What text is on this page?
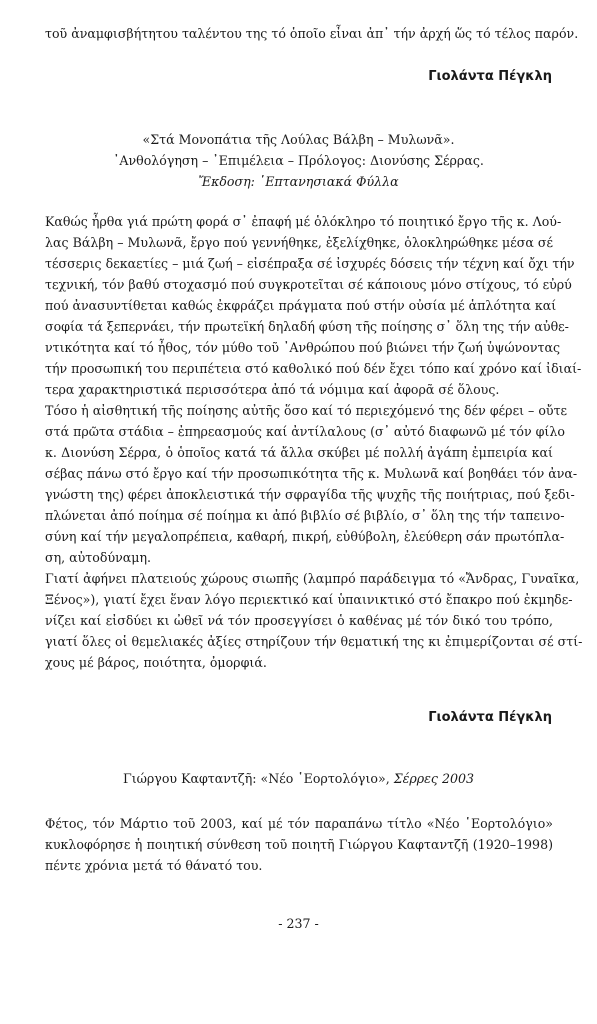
τοῦ ἀναμφισβήτητου ταλέντου της τό ὁποῖο εἶναι ἀπ᾽ τήν ἀρχή ὥς τό τέλος παρόν.
Γιολάντα Πέγκλη
«Στά Μονοπάτια τῆς Λούλας Βάλβη – Μυλωνᾶ».
᾽Ανθολόγηση – ᾽Επιμέλεια – Πρόλογος: Διονύσης Σέρρας.
Ἔκδοση: ῾Επτανησιακά Φύλλα
Καθώς ἦρθα γιά πρώτη φορά σ᾽ ἐπαφή μέ ὁλόκληρο τό ποιητικό ἔργο τῆς κ. Λού-
λας Βάλβη – Μυλωνᾶ, ἔργο πού γεννήθηκε, ἐξελίχθηκε, ὁλοκληρώθηκε μέσα σέ
τέσσερις δεκαετίες – μιά ζωή – εἰσέπραξα σέ ἰσχυρές δόσεις τήν τέχνη καί ὄχι τήν
τεχνική, τόν βαθύ στοχασμό πού συγκροτεῖται σέ κάποιους μόνο στίχους, τό εὐρύ
πού ἀνασυντίθεται καθώς ἐκφράζει πράγματα πού στήν οὐσία μέ ἁπλότητα καί
σοφία τά ξεπερνάει, τήν πρωτεϊκή δηλαδή φύση τῆς ποίησης σ᾽ ὅλη της τήν αὐθε-
ντικότητα καί τό ἦθος, τόν μύθο τοῦ ᾽Ανθρώπου πού βιώνει τήν ζωή ὑψώνοντας
τήν προσωπική του περιπέτεια στό καθολικό πού δέν ἔχει τόπο καί χρόνο καί ἰδιαί-
τερα χαρακτηριστικά περισσότερα ἀπό τά νόμιμα καί ἀφορᾶ σέ ὅλους.
Τόσο ἡ αἰσθητική τῆς ποίησης αὐτῆς ὅσο καί τό περιεχόμενό της δέν φέρει – οὔτε
στά πρῶτα στάδια – ἐπηρεασμούς καί ἀντίλαλους (σ᾽ αὐτό διαφωνῶ μέ τόν φίλο
κ. Διονύση Σέρρα, ὁ ὁποῖος κατά τά ἄλλα σκύβει μέ πολλή ἀγάπη ἐμπειρία καί
σέβας πάνω στό ἔργο καί τήν προσωπικότητα τῆς κ. Μυλωνᾶ καί βοηθάει τόν ἀνα-
γνώστη της) φέρει ἀποκλειστικά τήν σφραγίδα τῆς ψυχῆς τῆς ποιήτριας, πού ξεδι-
πλώνεται ἀπό ποίημα σέ ποίημα κι ἀπό βιβλίο σέ βιβλίο, σ᾽ ὅλη της τήν ταπεινο-
σύνη καί τήν μεγαλοπρέπεια, καθαρή, πικρή, εὐθύβολη, ἐλεύθερη σάν πρωτόπλα-
ση, αὐτοδύναμη.
Γιατί ἀφήνει πλατειούς χώρους σιωπῆς (λαμπρό παράδειγμα τό «Ἄνδρας, Γυναῖκα,
Ξένος»), γιατί ἔχει ἕναν λόγο περιεκτικό καί ὑπαινικτικό στό ἔπακρο πού ἐκμηδε-
νίζει καί εἰσδύει κι ὠθεῖ νά τόν προσεγγίσει ὁ καθένας μέ τόν δικό του τρόπο,
γιατί ὅλες οἱ θεμελιακές ἀξίες στηρίζουν τήν θεματική της κι ἐπιμερίζονται σέ στί-
χους μέ βάρος, ποιότητα, ὀμορφιά.
Γιολάντα Πέγκλη
Γιώργου Καφταντζῆ: «Νέο ῾Εορτολόγιο», Σέρρες 2003
Φέτος, τόν Μάρτιο τοῦ 2003, καί μέ τόν παραπάνω τίτλο «Νέο ῾Εορτολόγιο»
κυκλοφόρησε ἡ ποιητική σύνθεση τοῦ ποιητῆ Γιώργου Καφταντζῆ (1920–1998)
πέντε χρόνια μετά τό θάνατό του.
- 237 -
